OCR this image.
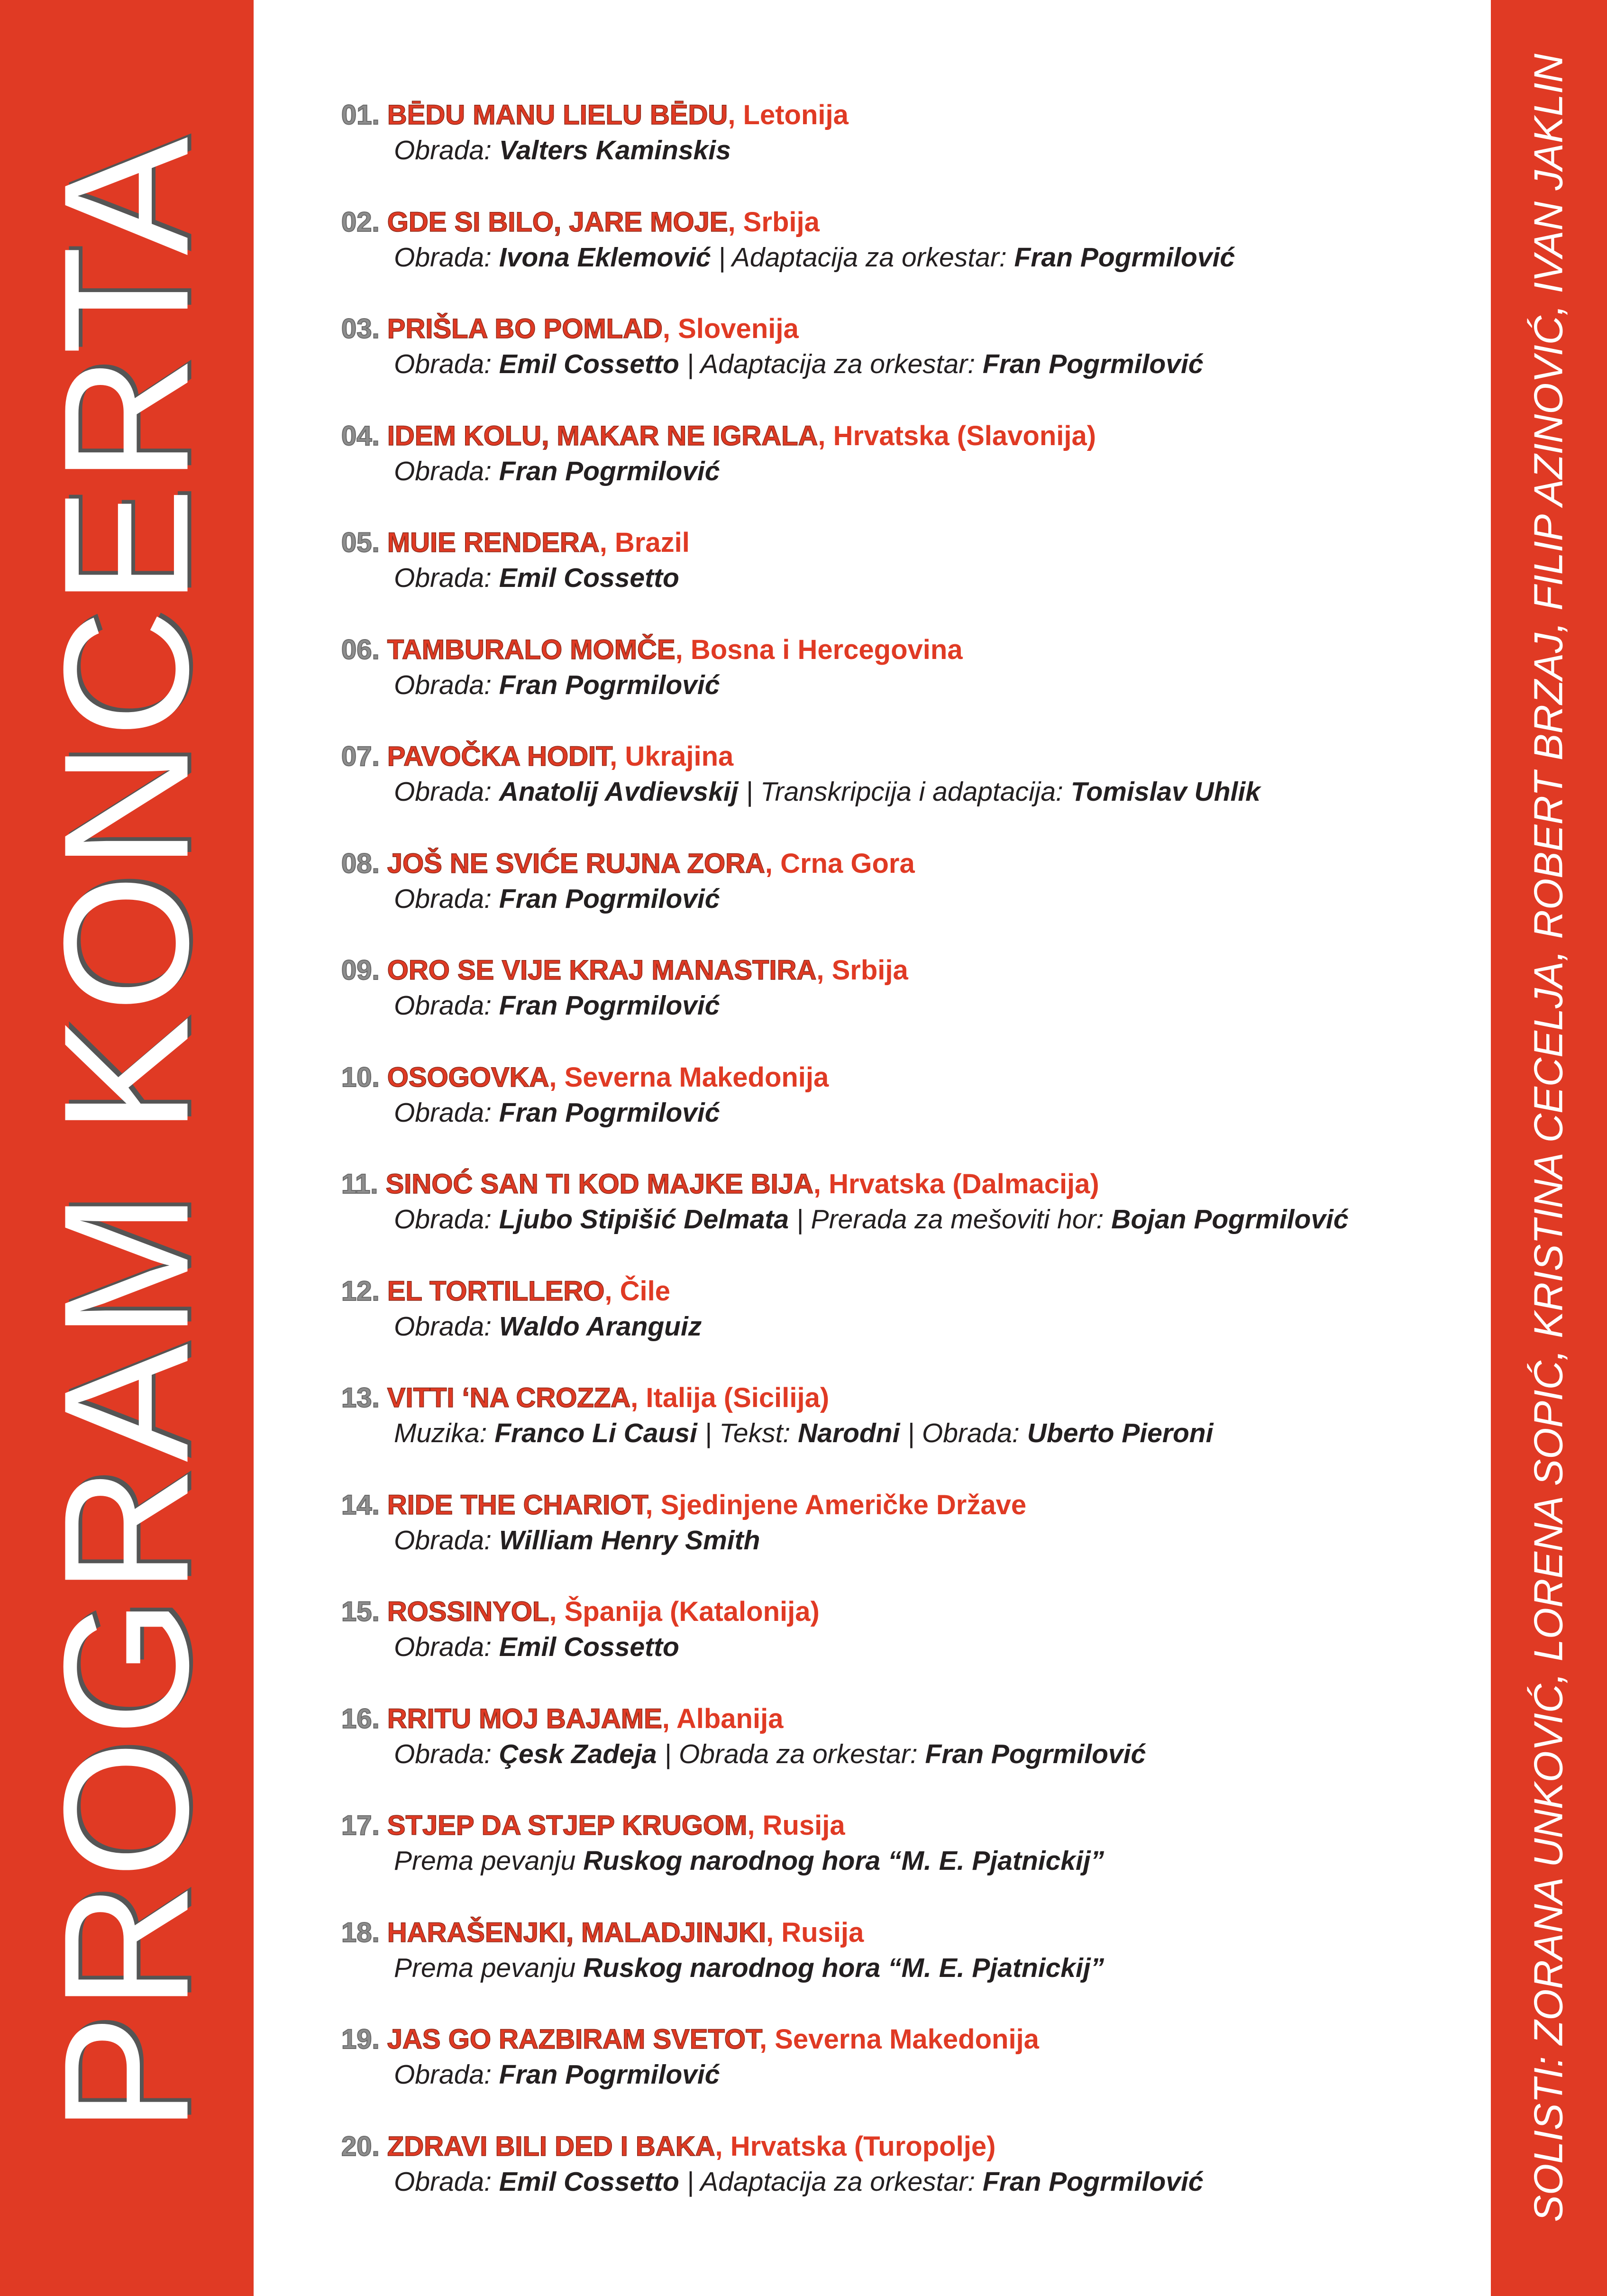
PROGRAM KONCERTA
01. BĒDU MANU LIELU BĒDU, Letonija
Obrada: Valters Kaminskis
02. GDE SI BILO, JARE MOJE, Srbija
Obrada: Ivona Eklemović | Adaptacija za orkestar: Fran Pogrmilović
03. PRIŠLA BO POMLAD, Slovenija
Obrada: Emil Cossetto | Adaptacija za orkestar: Fran Pogrmilović
04. IDEM KOLU, MAKAR NE IGRALA, Hrvatska (Slavonija)
Obrada: Fran Pogrmilović
05. MUIE RENDERA, Brazil
Obrada: Emil Cossetto
06. TAMBURALO MOMČE, Bosna i Hercegovina
Obrada: Fran Pogrmilović
07. PAVOČKA HODIT, Ukrajina
Obrada: Anatolij Avdievskij | Transkripcija i adaptacija: Tomislav Uhlik
08. JOŠ NE SVIĆE RUJNA ZORA, Crna Gora
Obrada: Fran Pogrmilović
09. ORO SE VIJE KRAJ MANASTIRA, Srbija
Obrada: Fran Pogrmilović
10. OSOGOVKA, Severna Makedonija
Obrada: Fran Pogrmilović
11. SINOĆ SAN TI KOD MAJKE BIJA, Hrvatska (Dalmacija)
Obrada: Ljubo Stipišić Delmata | Prerada za mešoviti hor: Bojan Pogrmilović
12. EL TORTILLERO, Čile
Obrada: Waldo Aranguiz
13. VITTI ‘NA CROZZA, Italija (Sicilija)
Muzika: Franco Li Causi | Tekst: Narodni | Obrada: Uberto Pieroni
14. RIDE THE CHARIOT, Sjedinjene Američke Države
Obrada: William Henry Smith
15. ROSSINYOL, Španija (Katalonija)
Obrada: Emil Cossetto
16. RRITU MOJ BAJAME, Albanija
Obrada: Çesk Zadeja | Obrada za orkestar: Fran Pogrmilović
17. STJEP DA STJEP KRUGOM, Rusija
Prema pevanju Ruskog narodnog hora “M. E. Pjatnickij”
18. HARAŠENJKI, MALADJINJKI, Rusija
Prema pevanju Ruskog narodnog hora “M. E. Pjatnickij”
19. JAS GO RAZBIRAM SVETOT, Severna Makedonija
Obrada: Fran Pogrmilović
20. ZDRAVI BILI DED I BAKA, Hrvatska (Turopolje)
Obrada: Emil Cossetto | Adaptacija za orkestar: Fran Pogrmilović	SOLISTI: ZORANA UNKOVIĆ, LORENA SOPIĆ, KRISTINA CECELJA, ROBERT BRZAJ, FILIP AZINOVIĆ, IVAN JAKLIN
